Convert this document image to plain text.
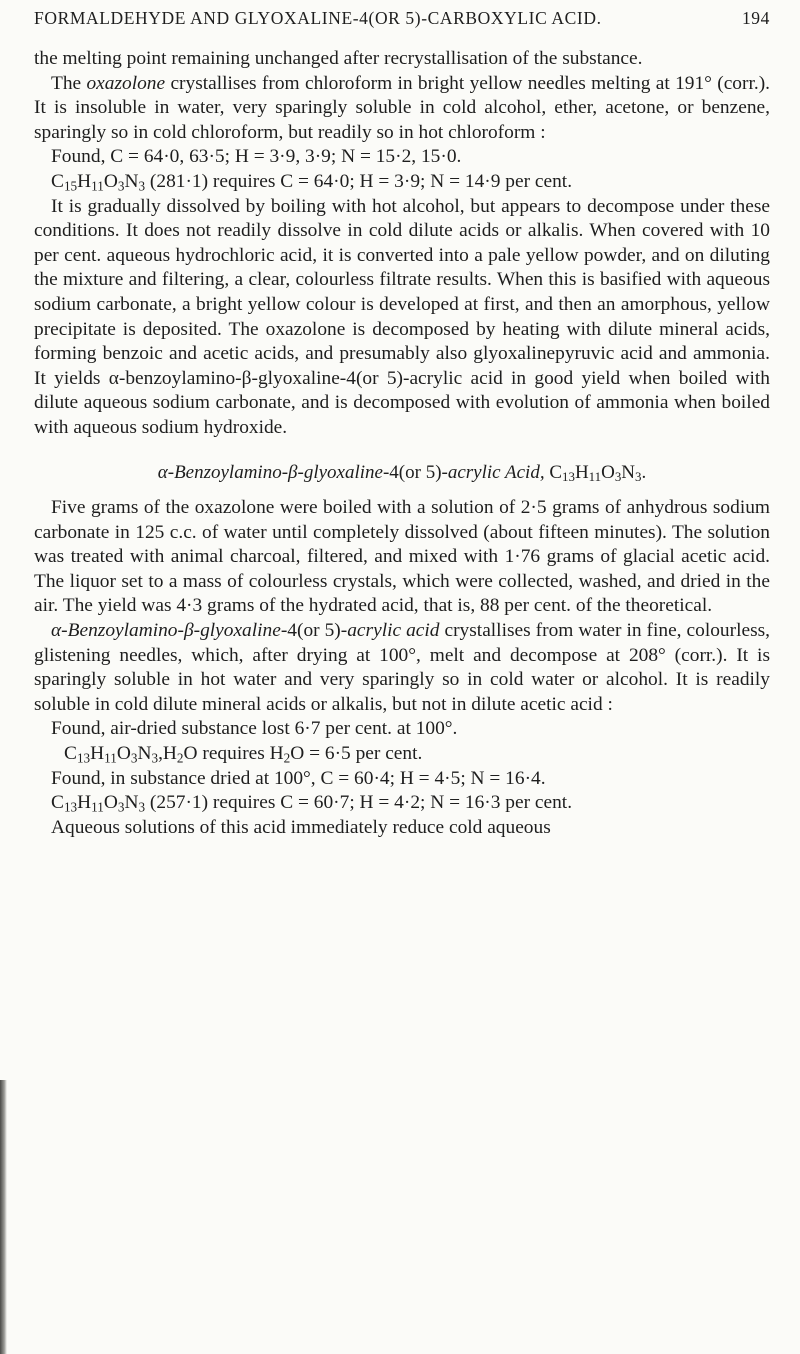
FORMALDEHYDE AND GLYOXALINE-4(OR 5)-CARBOXYLIC ACID.	194

the melting point remaining unchanged after recrystallisation of the substance.

The oxazolone crystallises from chloroform in bright yellow needles melting at 191° (corr.). It is insoluble in water, very sparingly soluble in cold alcohol, ether, acetone, or benzene, sparingly so in cold chloroform, but readily so in hot chloroform :

Found, C = 64·0, 63·5; H = 3·9, 3·9; N = 15·2, 15·0.

$C_{15}H_{11}O_3N_3$ (281·1) requires C = 64·0; H = 3·9; N = 14·9 per cent.

It is gradually dissolved by boiling with hot alcohol, but appears to decompose under these conditions. It does not readily dissolve in cold dilute acids or alkalis. When covered with 10 per cent. aqueous hydrochloric acid, it is converted into a pale yellow powder, and on diluting the mixture and filtering, a clear, colourless filtrate results. When this is basified with aqueous sodium carbonate, a bright yellow colour is developed at first, and then an amorphous, yellow precipitate is deposited. The oxazolone is decomposed by heating with dilute mineral acids, forming benzoic and acetic acids, and presumably also glyoxalinepyruvic acid and ammonia. It yields α-benzoylamino-β-glyoxaline-4(or 5)-acrylic acid in good yield when boiled with dilute aqueous sodium carbonate, and is decomposed with evolution of ammonia when boiled with aqueous sodium hydroxide.

α-Benzoylamino-β-glyoxaline-4(or 5)-acrylic Acid, $C_{13}H_{11}O_3N_3$.

Five grams of the oxazolone were boiled with a solution of 2·5 grams of anhydrous sodium carbonate in 125 c.c. of water until completely dissolved (about fifteen minutes). The solution was treated with animal charcoal, filtered, and mixed with 1·76 grams of glacial acetic acid. The liquor set to a mass of colourless crystals, which were collected, washed, and dried in the air. The yield was 4·3 grams of the hydrated acid, that is, 88 per cent. of the theoretical.

α-Benzoylamino-β-glyoxaline-4(or 5)-acrylic acid crystallises from water in fine, colourless, glistening needles, which, after drying at 100°, melt and decompose at 208° (corr.). It is sparingly soluble in hot water and very sparingly so in cold water or alcohol. It is readily soluble in cold dilute mineral acids or alkalis, but not in dilute acetic acid :

Found, air-dried substance lost 6·7 per cent. at 100°.

$C_{13}H_{11}O_3N_3,H_2O$ requires $H_2O = 6\cdot 5$ per cent.

Found, in substance dried at 100°, C = 60·4; H = 4·5; N = 16·4.

$C_{13}H_{11}O_3N_3$ (257·1) requires C = 60·7; H = 4·2; N = 16·3 per cent.

Aqueous solutions of this acid immediately reduce cold aqueous
